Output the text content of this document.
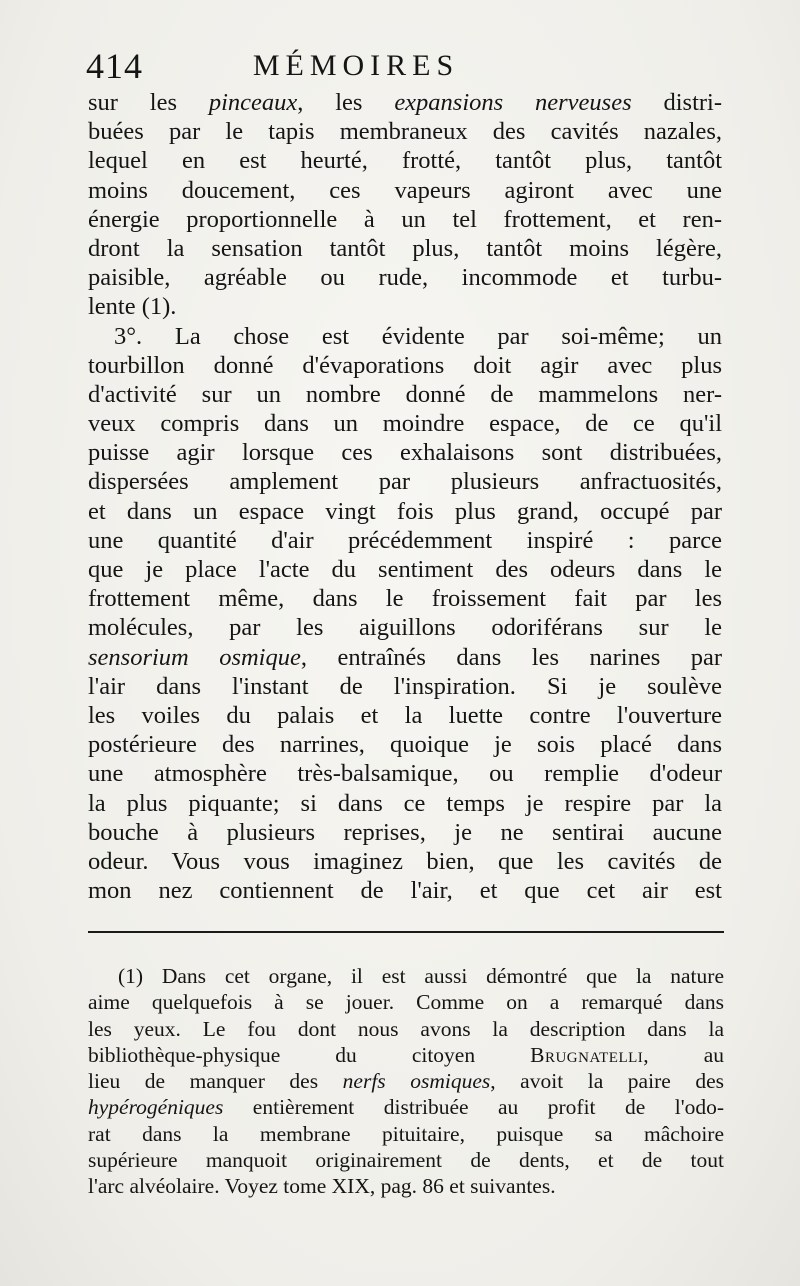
414	MÉMOIRES
sur les pinceaux, les expansions nerveuses distri-
buées par le tapis membraneux des cavités nazales,
lequel en est heurté, frotté, tantôt plus, tantôt
moins doucement, ces vapeurs agiront avec une
énergie proportionnelle à un tel frottement, et ren-
dront la sensation tantôt plus, tantôt moins légère,
paisible, agréable ou rude, incommode et turbu-
lente (1).
3°. La chose est évidente par soi-même; un
tourbillon donné d'évaporations doit agir avec plus
d'activité sur un nombre donné de mammelons ner-
veux compris dans un moindre espace, de ce qu'il
puisse agir lorsque ces exhalaisons sont distribuées,
dispersées amplement par plusieurs anfractuosités,
et dans un espace vingt fois plus grand, occupé par
une quantité d'air précédemment inspiré : parce
que je place l'acte du sentiment des odeurs dans le
frottement même, dans le froissement fait par les
molécules, par les aiguillons odoriférans sur le
sensorium osmique, entraînés dans les narines par
l'air dans l'instant de l'inspiration. Si je soulève
les voiles du palais et la luette contre l'ouverture
postérieure des narrines, quoique je sois placé dans
une atmosphère très-balsamique, ou remplie d'odeur
la plus piquante; si dans ce temps je respire par la
bouche à plusieurs reprises, je ne sentirai aucune
odeur. Vous vous imaginez bien, que les cavités de
mon nez contiennent de l'air, et que cet air est
(1) Dans cet organe, il est aussi démontré que la nature
aime quelquefois à se jouer. Comme on a remarqué dans
les yeux. Le fou dont nous avons la description dans la
bibliothèque-physique du citoyen Brugnatelli, au
lieu de manquer des nerfs osmiques, avoit la paire des
hypérogéniques entièrement distribuée au profit de l'odo-
rat dans la membrane pituitaire, puisque sa mâchoire
supérieure manquoit originairement de dents, et de tout
l'arc alvéolaire. Voyez tome XIX, pag. 86 et suivantes.
